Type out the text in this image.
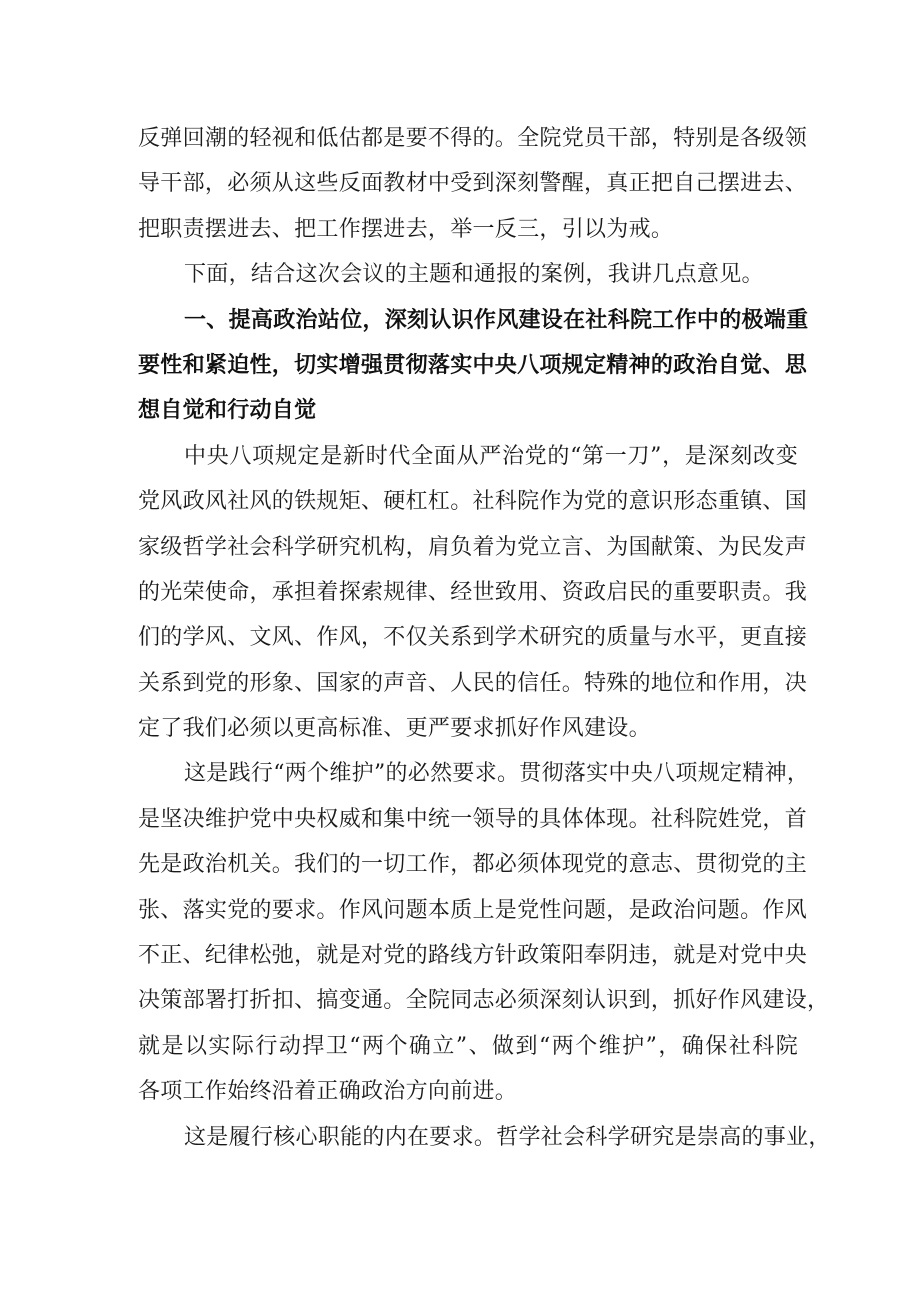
反弹回潮的轻视和低估都是要不得的。全院党员干部，特别是各级领
导干部，必须从这些反面教材中受到深刻警醒，真正把自己摆进去、
把职责摆进去、把工作摆进去，举一反三，引以为戒。
下面，结合这次会议的主题和通报的案例，我讲几点意见。
一、提高政治站位，深刻认识作风建设在社科院工作中的极端重
要性和紧迫性，切实增强贯彻落实中央八项规定精神的政治自觉、思
想自觉和行动自觉
中央八项规定是新时代全面从严治党的“第一刀”，是深刻改变
党风政风社风的铁规矩、硬杠杠。社科院作为党的意识形态重镇、国
家级哲学社会科学研究机构，肩负着为党立言、为国献策、为民发声
的光荣使命，承担着探索规律、经世致用、资政启民的重要职责。我
们的学风、文风、作风，不仅关系到学术研究的质量与水平，更直接
关系到党的形象、国家的声音、人民的信任。特殊的地位和作用，决
定了我们必须以更高标准、更严要求抓好作风建设。
这是践行“两个维护”的必然要求。贯彻落实中央八项规定精神，
是坚决维护党中央权威和集中统一领导的具体体现。社科院姓党，首
先是政治机关。我们的一切工作，都必须体现党的意志、贯彻党的主
张、落实党的要求。作风问题本质上是党性问题，是政治问题。作风
不正、纪律松弛，就是对党的路线方针政策阳奉阴违，就是对党中央
决策部署打折扣、搞变通。全院同志必须深刻认识到，抓好作风建设，
就是以实际行动捍卫“两个确立”、做到“两个维护”，确保社科院
各项工作始终沿着正确政治方向前进。
这是履行核心职能的内在要求。哲学社会科学研究是崇高的事业，
